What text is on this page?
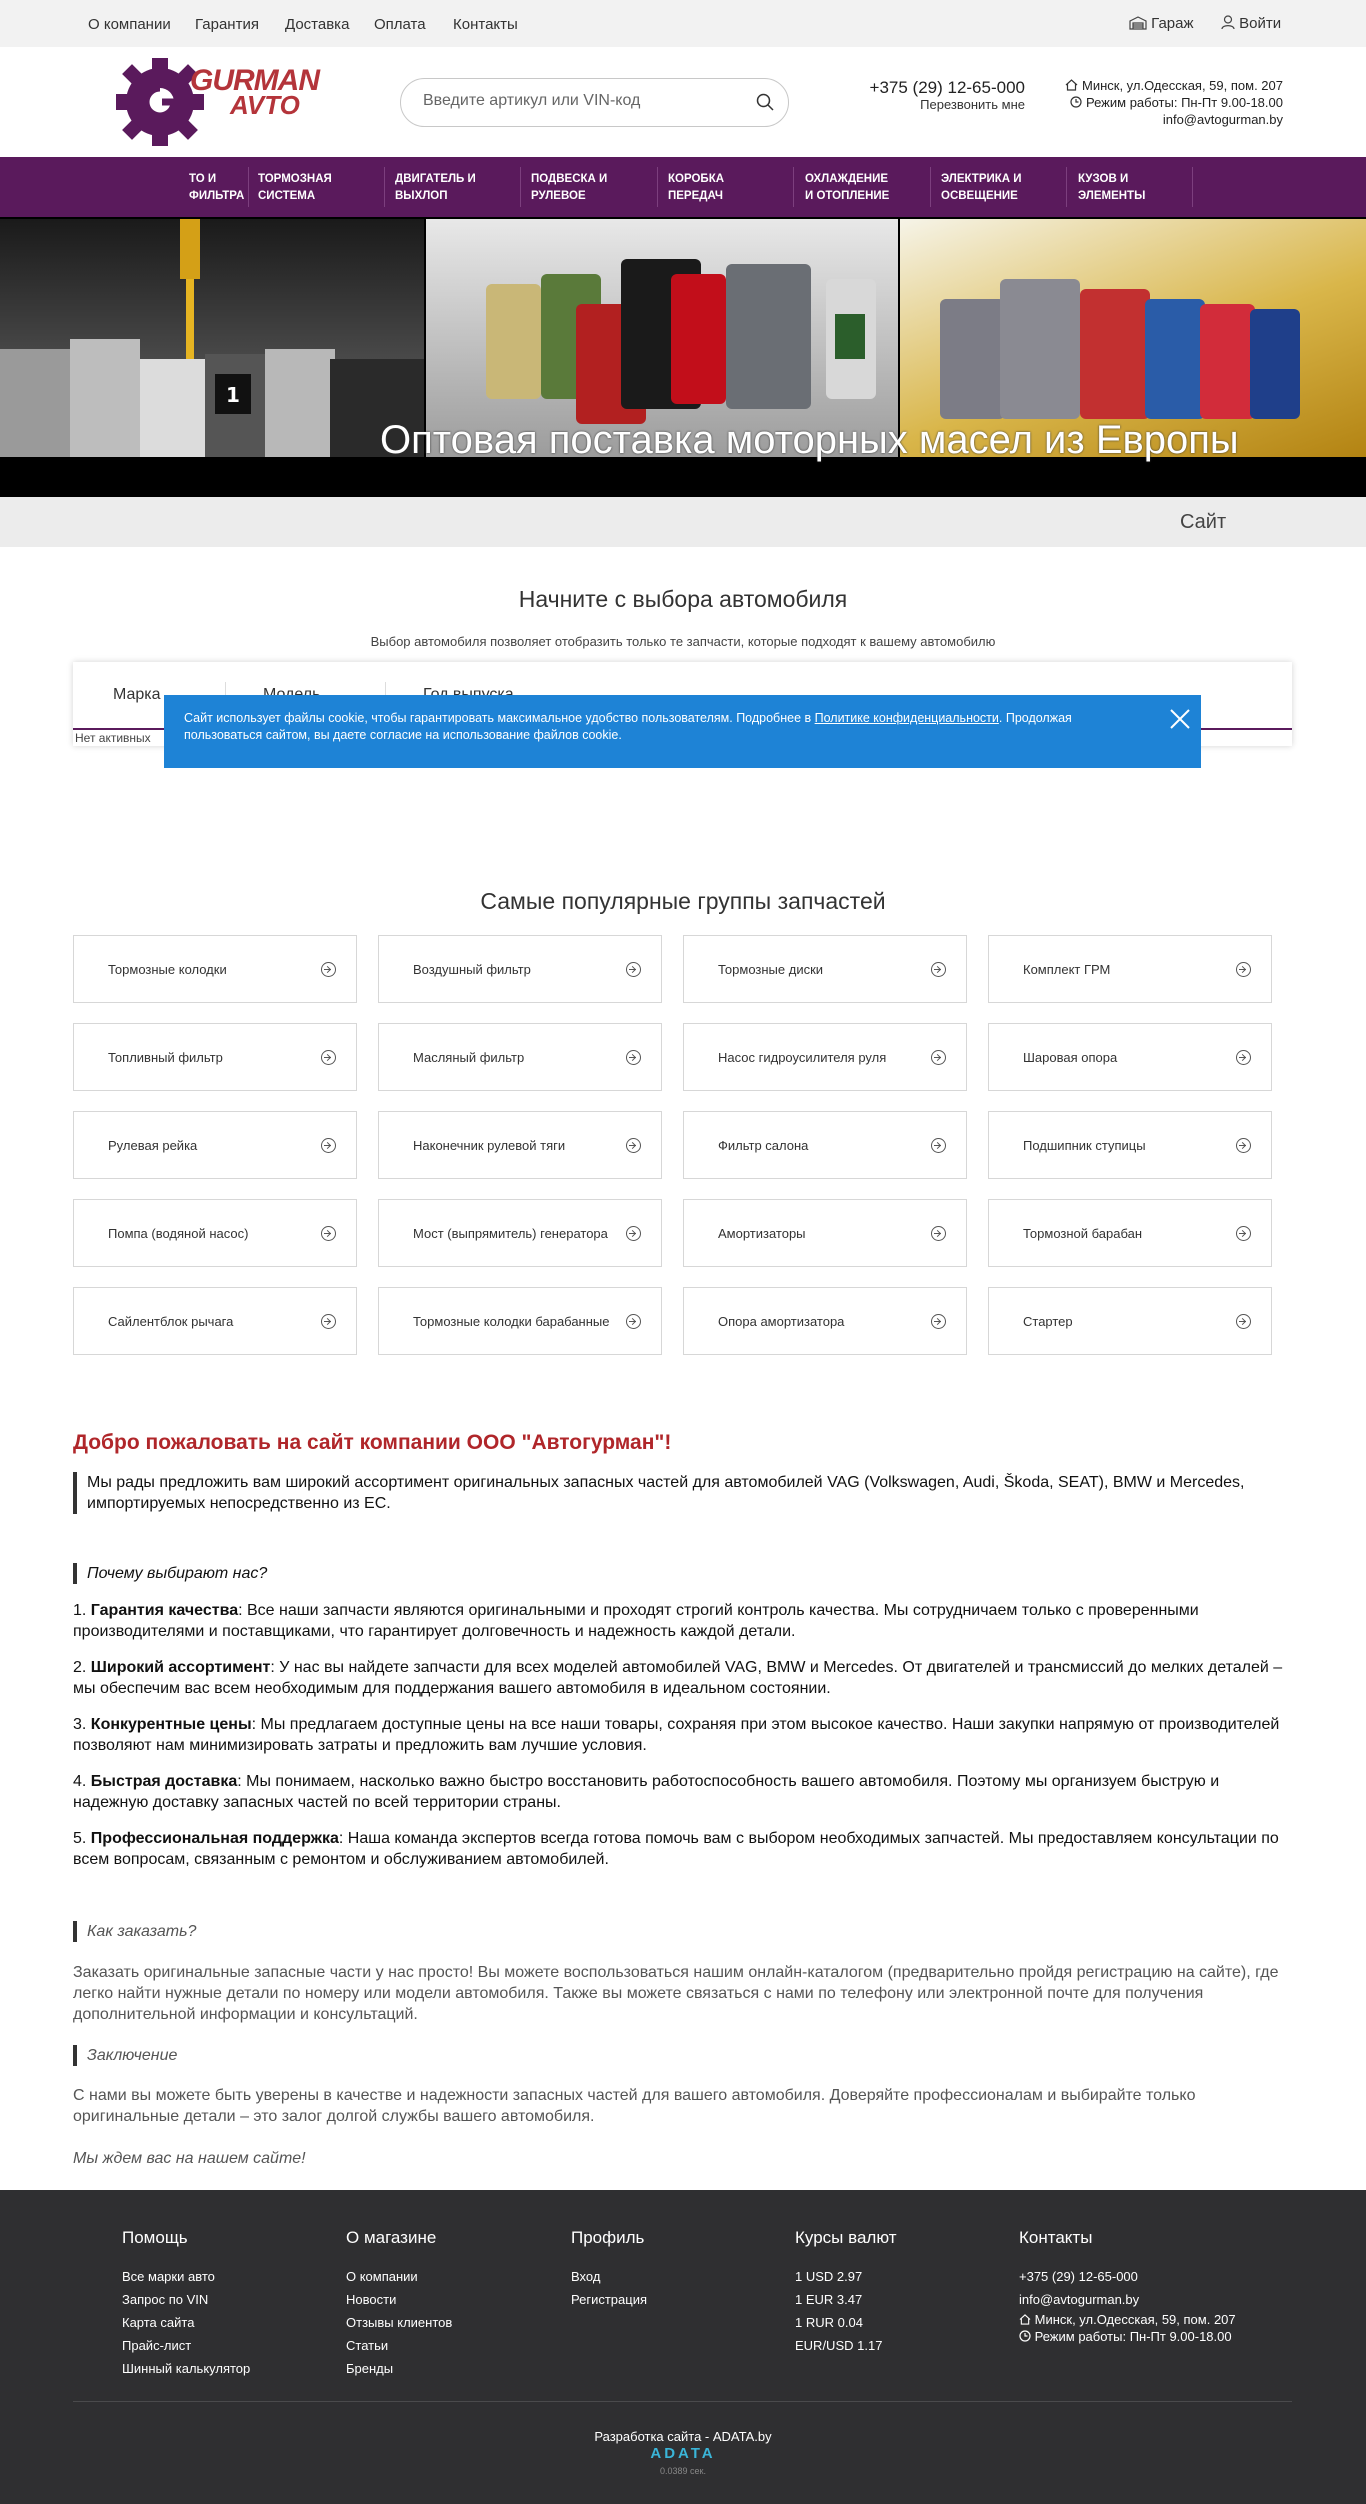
О компании Гарантия Доставка Оплата Контакты	Гараж	Войти
GURMAN
AVTO
Введите артикул или VIN-код
+375 (29) 12-65-000
Перезвонить мне
Минск, ул.Одесская, 59, пом. 207
Режим работы: Пн-Пт 9.00-18.00
info@avtogurman.by
ТО И
ФИЛЬТРА
ТОРМОЗНАЯ
СИСТЕМА
ДВИГАТЕЛЬ И
ВЫХЛОП
ПОДВЕСКА И
РУЛЕВОЕ
КОРОБКА
ПЕРЕДАЧ
ОХЛАЖДЕНИЕ
И ОТОПЛЕНИЕ
ЭЛЕКТРИКА И
ОСВЕЩЕНИЕ
КУЗОВ И
ЭЛЕМЕНТЫ
1
Оптовая поставка моторных масел из Европы
Сайт
Начните с выбора автомобиля
Выбор автомобиля позволяет отобразить только те запчасти, которые подходят к вашему автомобилю
Марка
Нет активных
Сайт использует файлы cookie, чтобы гарантировать максимальное удобство пользователям. Подробнее в Политике конфиденциальности. Продолжая пользоваться сайтом, вы даете согласие на использование файлов cookie.
Самые популярные группы запчастей
Тормозные колодки	Воздушный фильтр	Тормозные диски	Комплект ГРМ
Топливный фильтр	Масляный фильтр	Насос гидроусилителя руля	Шаровая опора
Рулевая рейка	Наконечник рулевой тяги	Фильтр салона	Подшипник ступицы
Помпа (водяной насос)	Мост (выпрямитель) генератора	Амортизаторы	Тормозной барабан
Сайлентблок рычага	Тормозные колодки барабанные	Опора амортизатора	Стартер
Добро пожаловать на сайт компании ООО "Автогурман"!
Мы рады предложить вам широкий ассортимент оригинальных запасных частей для автомобилей VAG (Volkswagen, Audi, Škoda, SEAT), BMW и Mercedes, импортируемых непосредственно из ЕС.
Почему выбирают нас?
1. Гарантия качества: Все наши запчасти являются оригинальными и проходят строгий контроль качества. Мы сотрудничаем только с проверенными производителями и поставщиками, что гарантирует долговечность и надежность каждой детали.
2. Широкий ассортимент: У нас вы найдете запчасти для всех моделей автомобилей VAG, BMW и Mercedes. От двигателей и трансмиссий до мелких деталей – мы обеспечим вас всем необходимым для поддержания вашего автомобиля в идеальном состоянии.
3. Конкурентные цены: Мы предлагаем доступные цены на все наши товары, сохраняя при этом высокое качество. Наши закупки напрямую от производителей позволяют нам минимизировать затраты и предложить вам лучшие условия.
4. Быстрая доставка: Мы понимаем, насколько важно быстро восстановить работоспособность вашего автомобиля. Поэтому мы организуем быструю и надежную доставку запасных частей по всей территории страны.
5. Профессиональная поддержка: Наша команда экспертов всегда готова помочь вам с выбором необходимых запчастей. Мы предоставляем консультации по всем вопросам, связанным с ремонтом и обслуживанием автомобилей.
Как заказать?
Заказать оригинальные запасные части у нас просто! Вы можете воспользоваться нашим онлайн-каталогом (предварительно пройдя регистрацию на сайте), где легко найти нужные детали по номеру или модели автомобиля. Также вы можете связаться с нами по телефону или электронной почте для получения дополнительной информации и консультаций.
Заключение
С нами вы можете быть уверены в качестве и надежности запасных частей для вашего автомобиля. Доверяйте профессионалам и выбирайте только оригинальные детали – это залог долгой службы вашего автомобиля.
Мы ждем вас на нашем сайте!
Помощь
Все марки авто
Запрос по VIN
Карта сайта
Прайс-лист
Шинный калькулятор
О магазине
О компании
Новости
Отзывы клиентов
Статьи
Бренды
Профиль
Вход
Регистрация
Курсы валют
1 USD 2.97
1 EUR 3.47
1 RUR 0.04
EUR/USD 1.17
Контакты
+375 (29) 12-65-000
info@avtogurman.by
Минск, ул.Одесская, 59, пом. 207
Режим работы: Пн-Пт 9.00-18.00
Разработка сайта - ADATA.by
ADATA
0.0389 сек.
